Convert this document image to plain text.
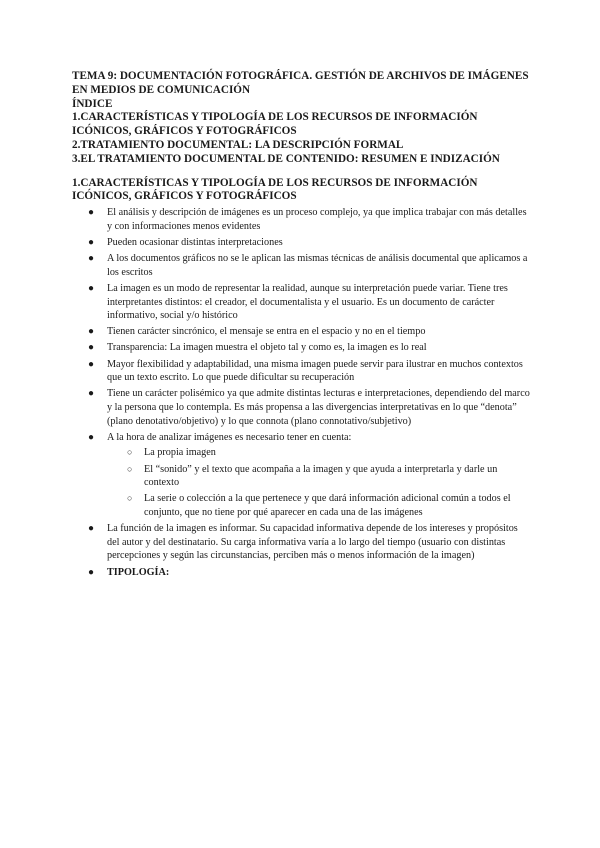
TEMA 9: DOCUMENTACIÓN FOTOGRÁFICA. GESTIÓN DE ARCHIVOS DE IMÁGENES EN MEDIOS DE COMUNICACIÓN

ÍNDICE

1.CARACTERÍSTICAS Y TIPOLOGÍA DE LOS RECURSOS DE INFORMACIÓN ICÓNICOS, GRÁFICOS Y FOTOGRÁFICOS

2.TRATAMIENTO DOCUMENTAL: LA DESCRIPCIÓN FORMAL

3.EL TRATAMIENTO DOCUMENTAL DE CONTENIDO: RESUMEN E INDIZACIÓN

1.CARACTERÍSTICAS Y TIPOLOGÍA DE LOS RECURSOS DE INFORMACIÓN ICÓNICOS, GRÁFICOS Y FOTOGRÁFICOS

● El análisis y descripción de imágenes es un proceso complejo, ya que implica trabajar con más detalles y con informaciones menos evidentes
● Pueden ocasionar distintas interpretaciones
● A los documentos gráficos no se le aplican las mismas técnicas de análisis documental que aplicamos a los escritos
● La imagen es un modo de representar la realidad, aunque su interpretación puede variar. Tiene tres interpretantes distintos: el creador, el documentalista y el usuario. Es un documento de carácter informativo, social y/o histórico
● Tienen carácter sincrónico, el mensaje se entra en el espacio y no en el tiempo
● Transparencia: La imagen muestra el objeto tal y como es, la imagen es lo real
● Mayor flexibilidad y adaptabilidad, una misma imagen puede servir para ilustrar en muchos contextos que un texto escrito. Lo que puede dificultar su recuperación
● Tiene un carácter polisémico ya que admite distintas lecturas e interpretaciones, dependiendo del marco y la persona que lo contempla. Es más propensa a las divergencias interpretativas en lo que “denota” (plano denotativo/objetivo) y lo que connota (plano connotativo/subjetivo)
● A la hora de analizar imágenes es necesario tener en cuenta:
○ La propia imagen
○ El “sonido” y el texto que acompaña a la imagen y que ayuda a interpretarla y darle un contexto
○ La serie o colección a la que pertenece y que dará información adicional común a todos el conjunto, que no tiene por qué aparecer en cada una de las imágenes
● La función de la imagen es informar. Su capacidad informativa depende de los intereses y propósitos del autor y del destinatario. Su carga informativa varía a lo largo del tiempo (usuario con distintas percepciones y según las circunstancias, perciben más o menos información de la imagen)
● TIPOLOGÍA:
